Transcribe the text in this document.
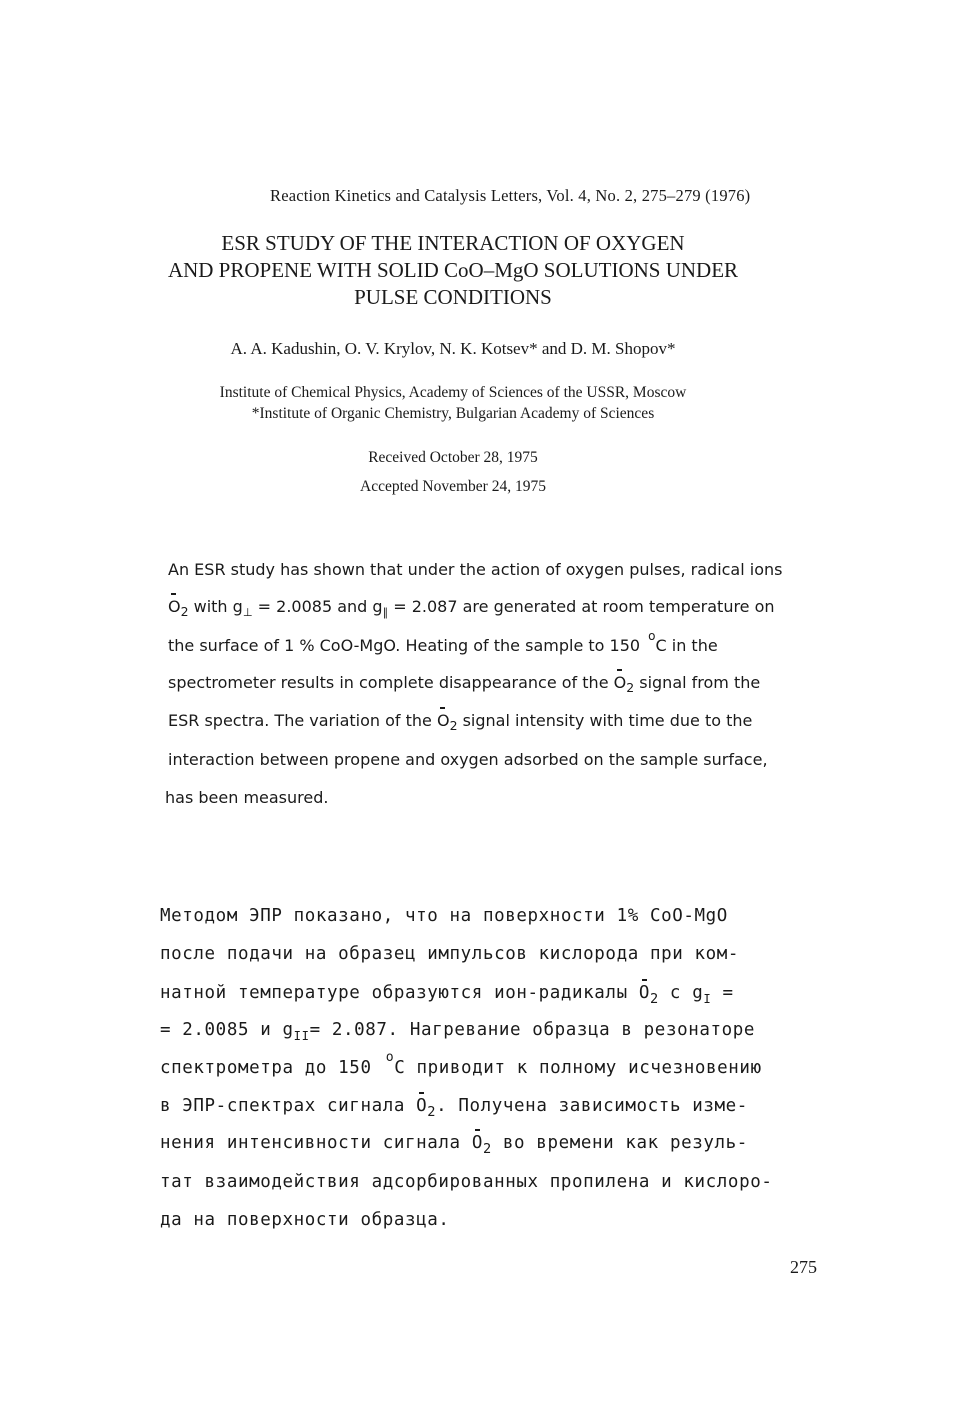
Reaction Kinetics and Catalysis Letters, Vol. 4, No. 2, 275–279 (1976)
ESR STUDY OF THE INTERACTION OF OXYGEN
AND PROPENE WITH SOLID CoO–MgO SOLUTIONS UNDER
PULSE CONDITIONS
A. A. Kadushin, O. V. Krylov, N. K. Kotsev* and D. M. Shopov*
Institute of Chemical Physics, Academy of Sciences of the USSR, Moscow
*Institute of Organic Chemistry, Bulgarian Academy of Sciences
Received October 28, 1975
Accepted November 24, 1975
An ESR study has shown that under the action of oxygen pulses, radical ions
$O_2$ with $g_\perp = 2.0085$ and $g_\parallel = 2.087$ are generated at room temperature on
the surface of 1 % CoO-MgO. Heating of the sample to 150 $^o$C in the
spectrometer results in complete disappearance of the $O_2$ signal from the
ESR spectra. The variation of the $O_2$ signal intensity with time due to the
interaction between propene and oxygen adsorbed on the sample surface,
has been measured.
Методом ЭПР показано, что на поверхности 1% CoO-MgO
после подачи на образец импульсов кислорода при ком-
натной температуре образуются ион-радикалы $O_2$ с $g_I$ =
= 2.0085 и $g_{II}= 2.087$. Нагревание образца в резонаторе
спектрометра до 150 $^o$С приводит к полному исчезновению
в ЭПР-спектрах сигнала $O_2$. Получена зависимость изме-
нения интенсивности сигнала $O_2$ во времени как резуль-
тат взаимодействия адсорбированных пропилена и кислоро-
да на поверхности образца.
275
